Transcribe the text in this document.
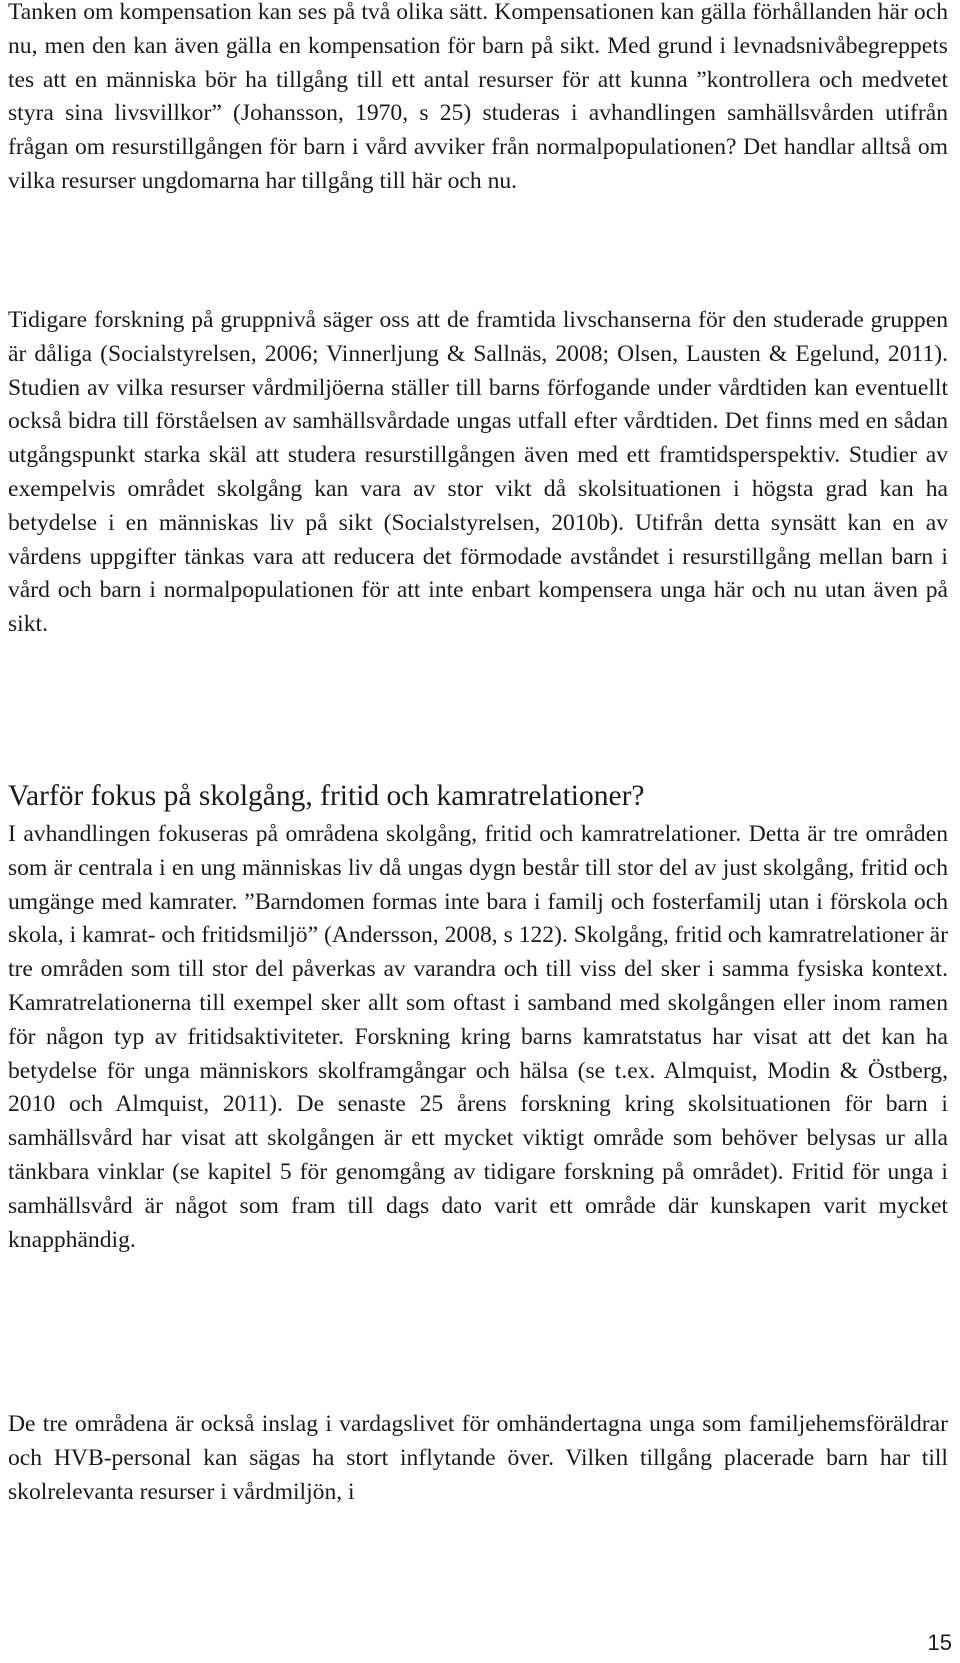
Tanken om kompensation kan ses på två olika sätt. Kompensationen kan gälla förhållanden här och nu, men den kan även gälla en kompensation för barn på sikt. Med grund i levnadsnivåbegreppets tes att en människa bör ha tillgång till ett antal resurser för att kunna ”kontrollera och medvetet styra sina livsvillkor” (Johansson, 1970, s 25) studeras i avhandlingen samhällsvården utifrån frågan om resurstillgången för barn i vård avviker från normalpopulationen? Det handlar alltså om vilka resurser ungdomarna har tillgång till här och nu.

Tidigare forskning på gruppnivå säger oss att de framtida livschanserna för den studerade gruppen är dåliga (Socialstyrelsen, 2006; Vinnerljung & Sallnäs, 2008; Olsen, Lausten & Egelund, 2011). Studien av vilka resurser vårdmiljöerna ställer till barns förfogande under vårdtiden kan eventuellt också bidra till förståelsen av samhällsvårdade ungas utfall efter vårdtiden. Det finns med en sådan utgångspunkt starka skäl att studera resurstillgången även med ett framtidsperspektiv. Studier av exempelvis området skolgång kan vara av stor vikt då skolsituationen i högsta grad kan ha betydelse i en människas liv på sikt (Socialstyrelsen, 2010b). Utifrån detta synsätt kan en av vårdens uppgifter tänkas vara att reducera det förmodade avståndet i resurstillgång mellan barn i vård och barn i normalpopulationen för att inte enbart kompensera unga här och nu utan även på sikt.

Varför fokus på skolgång, fritid och kamratrelationer?

I avhandlingen fokuseras på områdena skolgång, fritid och kamratrelationer. Detta är tre områden som är centrala i en ung människas liv då ungas dygn består till stor del av just skolgång, fritid och umgänge med kamrater. ”Barndomen formas inte bara i familj och fosterfamilj utan i förskola och skola, i kamrat- och fritidsmiljö” (Andersson, 2008, s 122). Skolgång, fritid och kamratrelationer är tre områden som till stor del påverkas av varandra och till viss del sker i samma fysiska kontext. Kamratrelationerna till exempel sker allt som oftast i samband med skolgången eller inom ramen för någon typ av fritidsaktiviteter. Forskning kring barns kamratstatus har visat att det kan ha betydelse för unga människors skolframgångar och hälsa (se t.ex. Almquist, Modin & Östberg, 2010 och Almquist, 2011). De senaste 25 årens forskning kring skolsituationen för barn i samhällsvård har visat att skolgången är ett mycket viktigt område som behöver belysas ur alla tänkbara vinklar (se kapitel 5 för genomgång av tidigare forskning på området). Fritid för unga i samhällsvård är något som fram till dags dato varit ett område där kunskapen varit mycket knapphändig.

De tre områdena är också inslag i vardagslivet för omhändertagna unga som familjehemsföräldrar och HVB-personal kan sägas ha stort inflytande över. Vilken tillgång placerade barn har till skolrelevanta resurser i vårdmiljön, i

15
